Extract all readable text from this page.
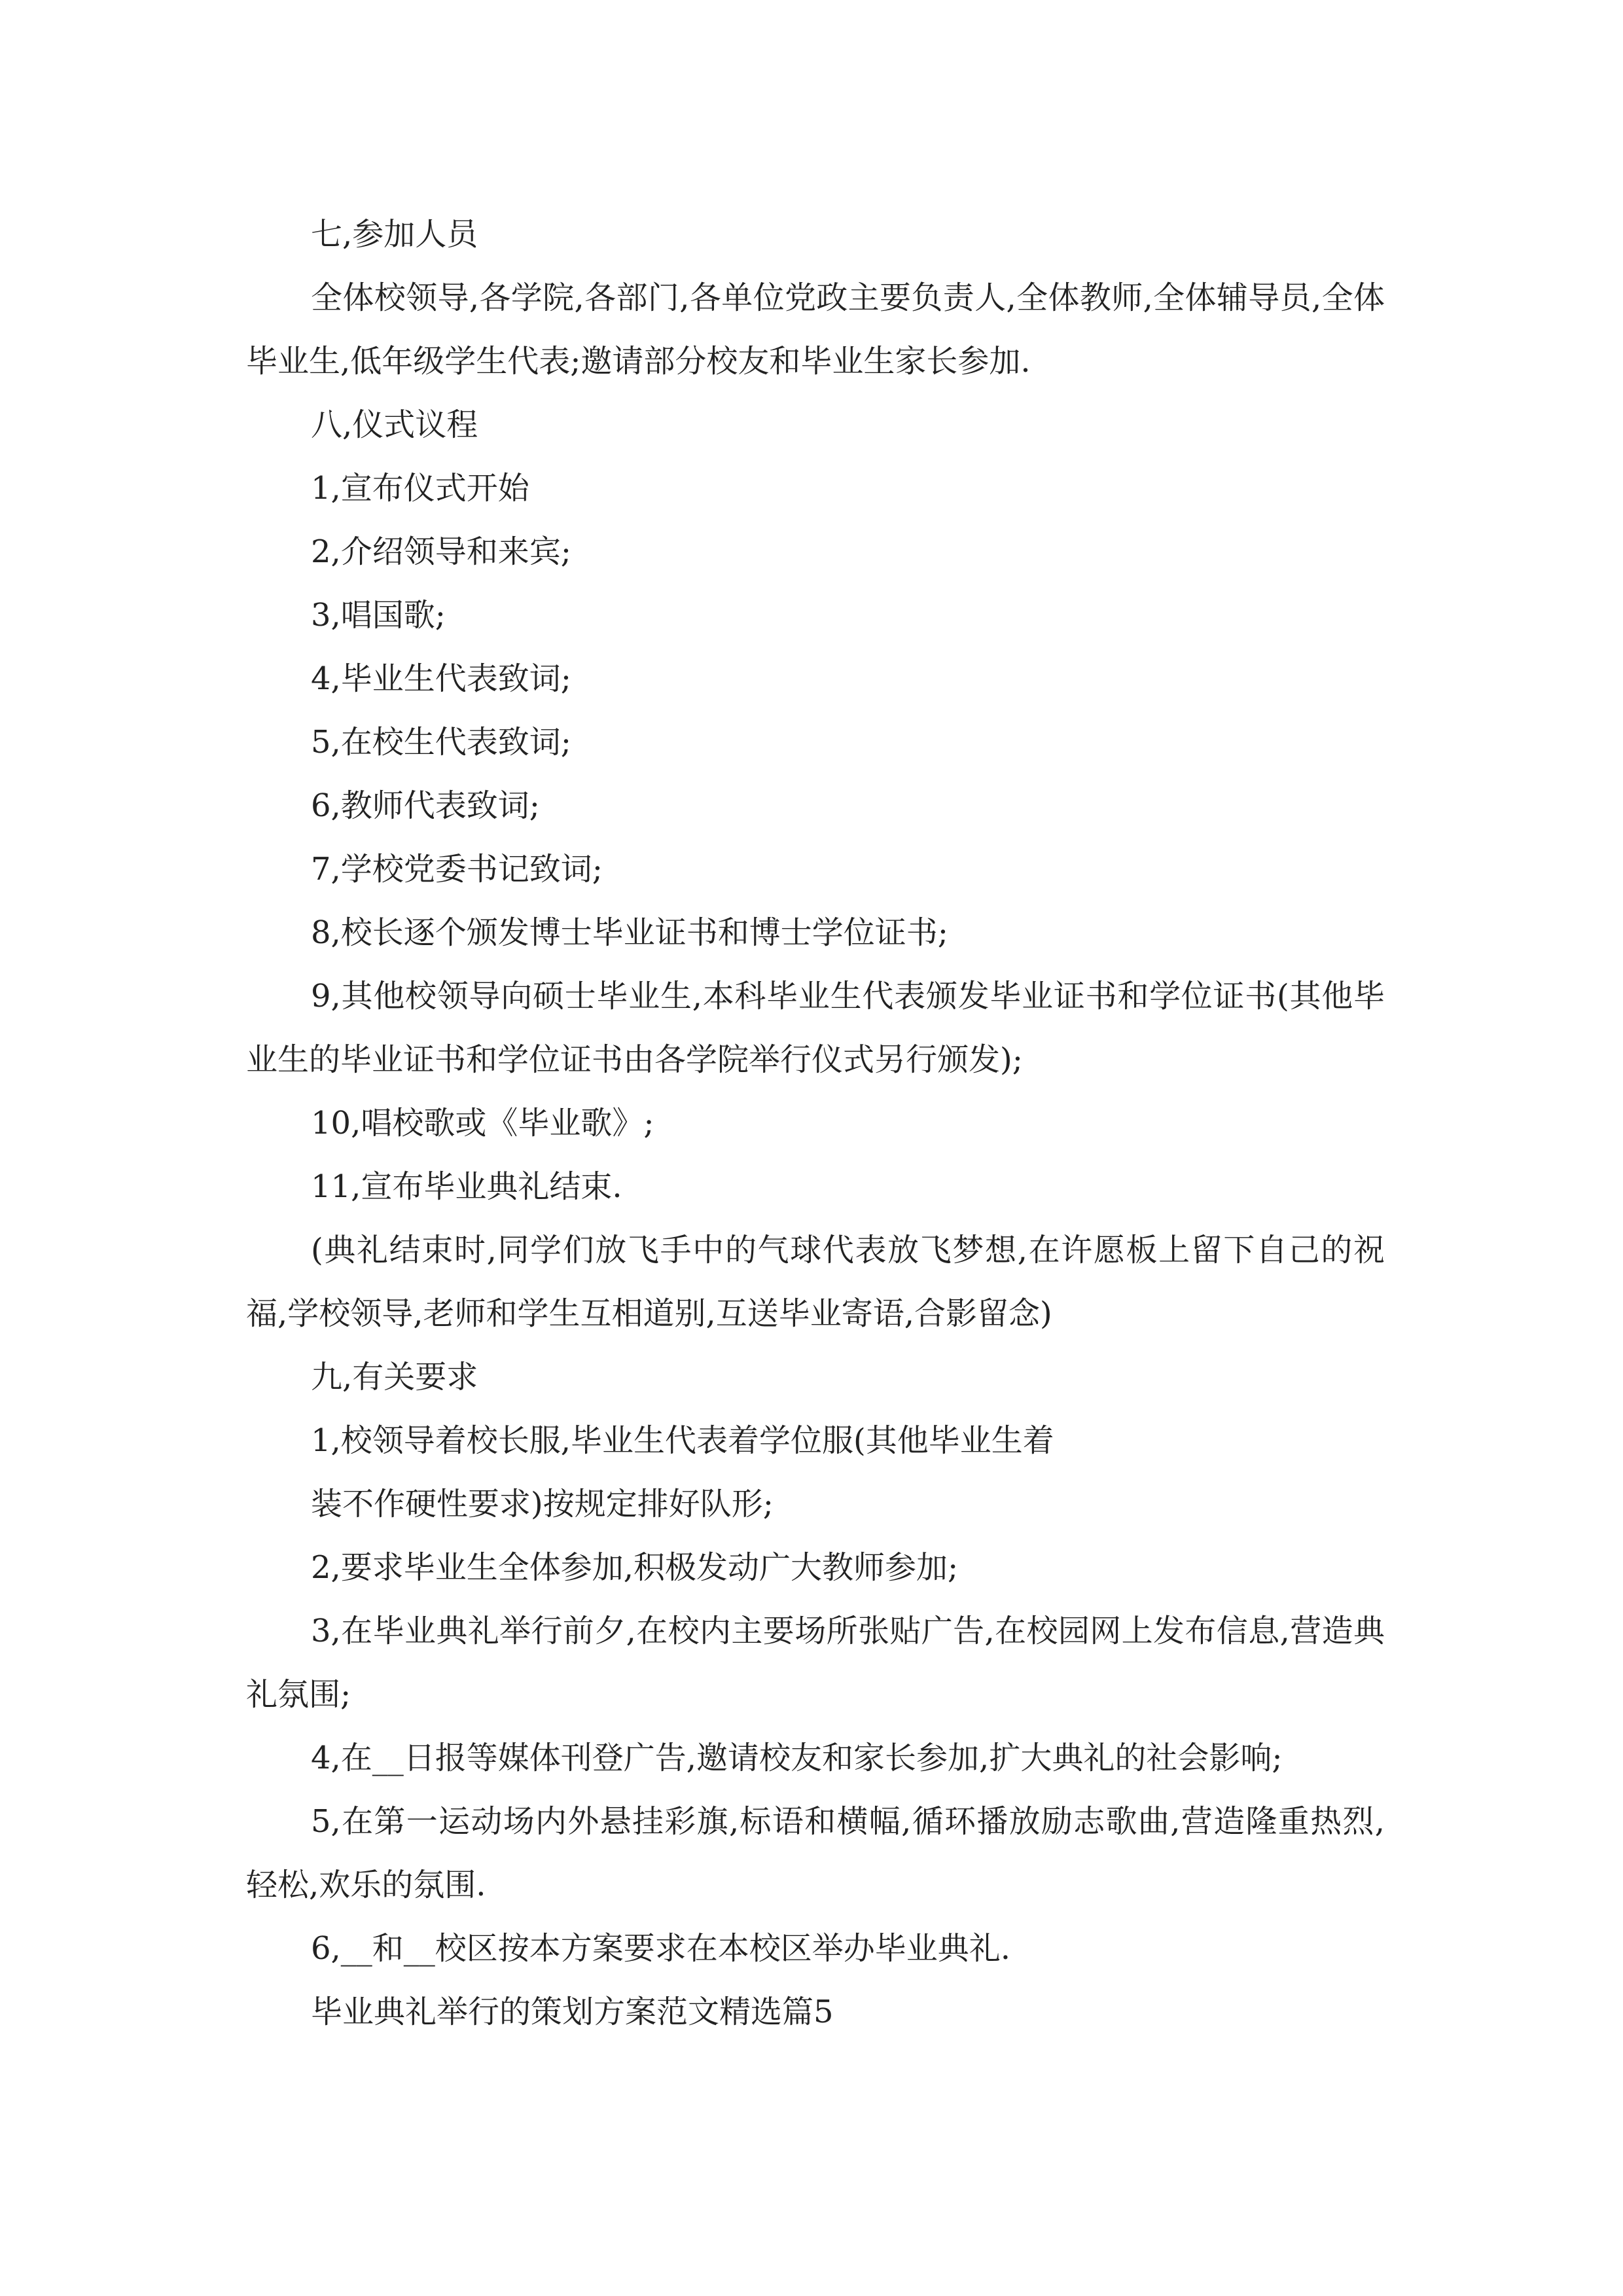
七,参加人员

全体校领导,各学院,各部门,各单位党政主要负责人,全体教师,全体辅导员,全体毕业生,低年级学生代表;邀请部分校友和毕业生家长参加.

八,仪式议程

1,宣布仪式开始

2,介绍领导和来宾;

3,唱国歌;

4,毕业生代表致词;

5,在校生代表致词;

6,教师代表致词;

7,学校党委书记致词;

8,校长逐个颁发博士毕业证书和博士学位证书;

9,其他校领导向硕士毕业生,本科毕业生代表颁发毕业证书和学位证书(其他毕业生的毕业证书和学位证书由各学院举行仪式另行颁发);

10,唱校歌或《毕业歌》;

11,宣布毕业典礼结束.

(典礼结束时,同学们放飞手中的气球代表放飞梦想,在许愿板上留下自己的祝福,学校领导,老师和学生互相道别,互送毕业寄语,合影留念)

九,有关要求

1,校领导着校长服,毕业生代表着学位服(其他毕业生着

装不作硬性要求)按规定排好队形;

2,要求毕业生全体参加,积极发动广大教师参加;

3,在毕业典礼举行前夕,在校内主要场所张贴广告,在校园网上发布信息,营造典礼氛围;

4,在__日报等媒体刊登广告,邀请校友和家长参加,扩大典礼的社会影响;

5,在第一运动场内外悬挂彩旗,标语和横幅,循环播放励志歌曲,营造隆重热烈,轻松,欢乐的氛围.

6,__和__校区按本方案要求在本校区举办毕业典礼.

毕业典礼举行的策划方案范文精选篇5
